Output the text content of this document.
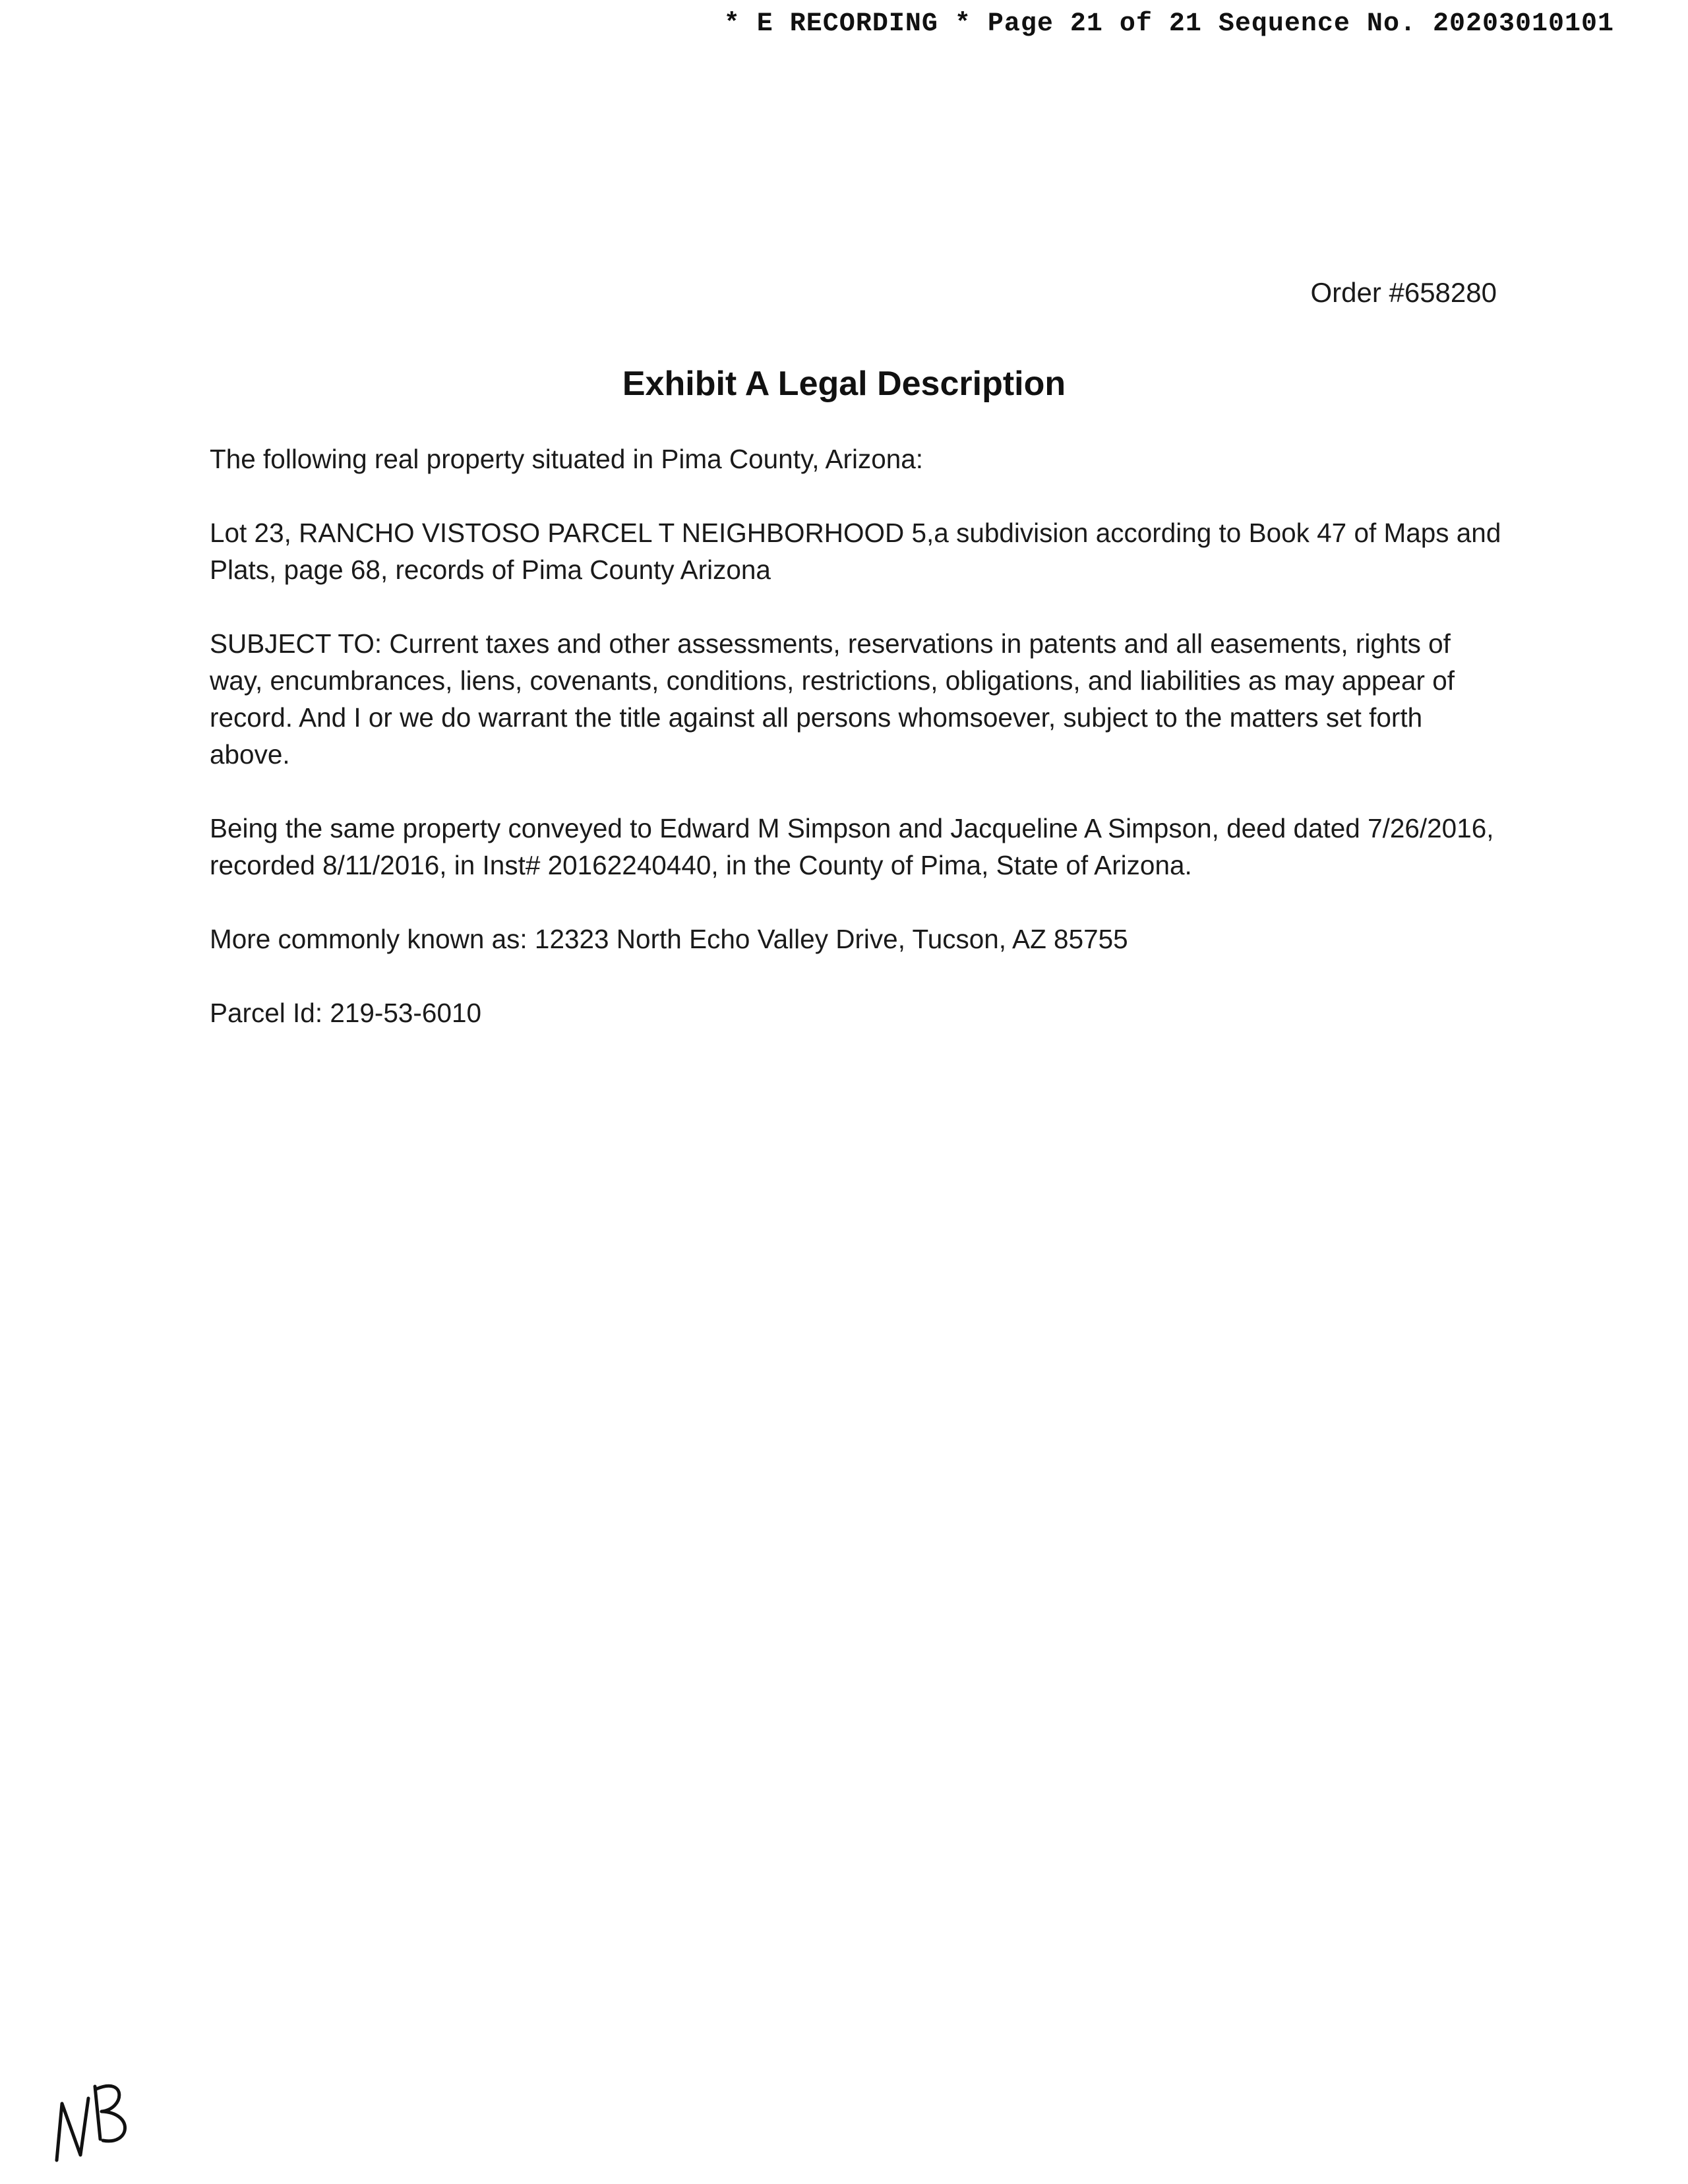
* E RECORDING * Page 21 of 21 Sequence No. 20203010101
Order #658280
Exhibit A Legal Description

The following real property situated in Pima County, Arizona:

Lot 23, RANCHO VISTOSO PARCEL T NEIGHBORHOOD 5,a subdivision according to Book 47 of Maps and Plats, page 68, records of Pima County Arizona

SUBJECT TO: Current taxes and other assessments, reservations in patents and all easements, rights of way, encumbrances, liens, covenants, conditions, restrictions, obligations, and liabilities as may appear of record. And I or we do warrant the title against all persons whomsoever, subject to the matters set forth above.

Being the same property conveyed to Edward M Simpson and Jacqueline A Simpson, deed dated 7/26/2016, recorded 8/11/2016, in Inst# 20162240440, in the County of Pima, State of Arizona.

More commonly known as: 12323 North Echo Valley Drive, Tucson, AZ 85755

Parcel Id: 219-53-6010
